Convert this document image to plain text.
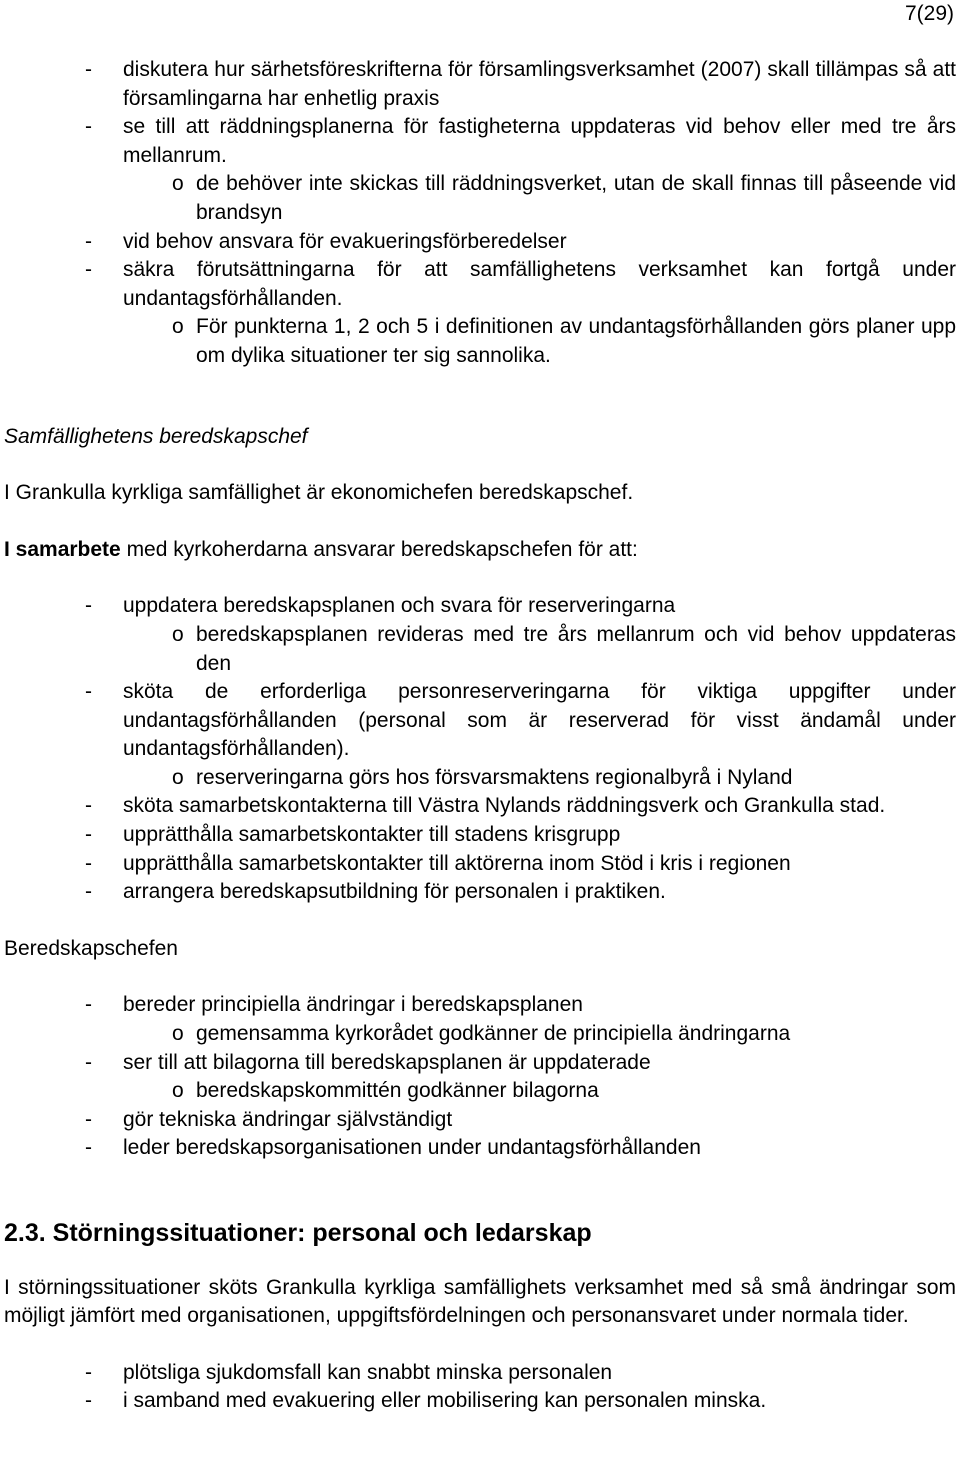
7(29)

- diskutera hur särhetsföreskrifterna för församlingsverksamhet (2007) skall tillämpas så att församlingarna har enhetlig praxis

- se till att räddningsplanerna för fastigheterna uppdateras vid behov eller med tre års mellanrum.

o de behöver inte skickas till räddningsverket, utan de skall finnas till påseende vid brandsyn

- vid behov ansvara för evakueringsförberedelser

- säkra förutsättningarna för att samfällighetens verksamhet kan fortgå under undantagsförhållanden.

o För punkterna 1, 2 och 5 i definitionen av undantagsförhållanden görs planer upp om dylika situationer ter sig sannolika.

Samfällighetens beredskapschef

I Grankulla kyrkliga samfällighet är ekonomichefen beredskapschef.

I samarbete med kyrkoherdarna ansvarar beredskapschefen för att:

- uppdatera beredskapsplanen och svara för reserveringarna

o beredskapsplanen revideras med tre års mellanrum och vid behov uppdateras den

- sköta de erforderliga personreserveringarna för viktiga uppgifter under undantagsförhållanden (personal som är reserverad för visst ändamål under undantagsförhållanden).

o reserveringarna görs hos försvarsmaktens regionalbyrå i Nyland

- sköta samarbetskontakterna till Västra Nylands räddningsverk och Grankulla stad.

- upprätthålla samarbetskontakter till stadens krisgrupp

- upprätthålla samarbetskontakter till aktörerna inom Stöd i kris i regionen

- arrangera beredskapsutbildning för personalen i praktiken.

Beredskapschefen

- bereder principiella ändringar i beredskapsplanen

o gemensamma kyrkorådet godkänner de principiella ändringarna

- ser till att bilagorna till beredskapsplanen är uppdaterade

o beredskapskommittén godkänner bilagorna

- gör tekniska ändringar självständigt

- leder beredskapsorganisationen under undantagsförhållanden

2.3. Störningssituationer: personal och ledarskap

I störningssituationer sköts Grankulla kyrkliga samfällighets verksamhet med så små ändringar som möjligt jämfört med organisationen, uppgiftsfördelningen och personansvaret under normala tider.

- plötsliga sjukdomsfall kan snabbt minska personalen

- i samband med evakuering eller mobilisering kan personalen minska.
